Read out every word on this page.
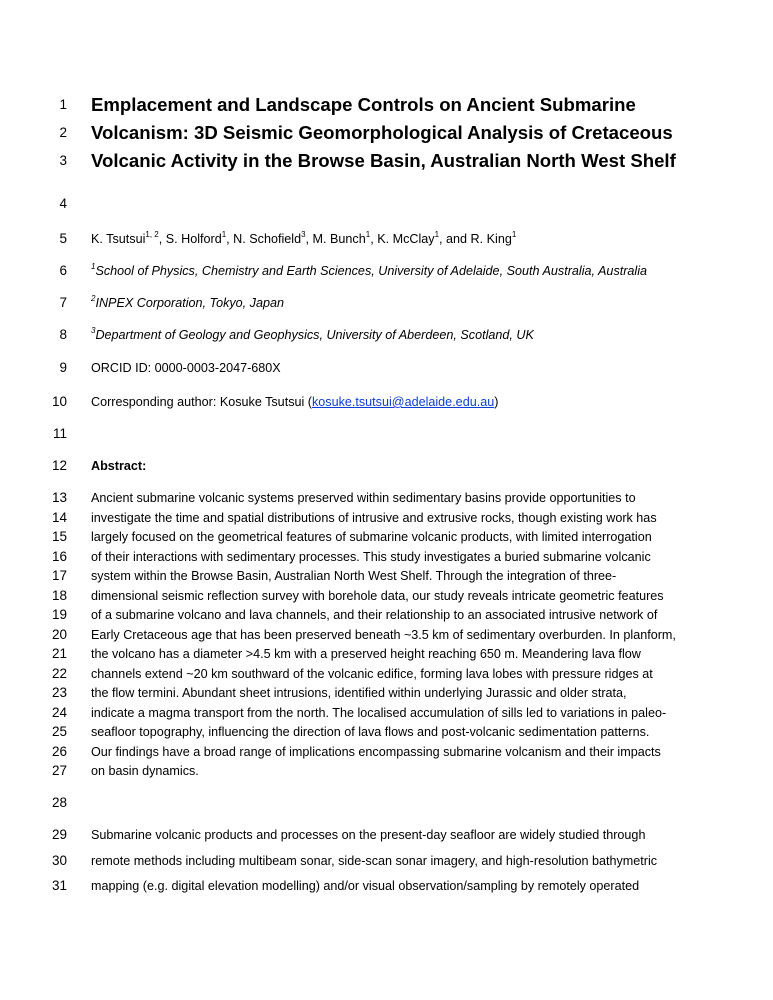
1 Emplacement and Landscape Controls on Ancient Submarine
2 Volcanism: 3D Seismic Geomorphological Analysis of Cretaceous
3 Volcanic Activity in the Browse Basin, Australian North West Shelf
4
5 K. Tsutsui$^{1, 2}$, S. Holford$^1$, N. Schofield$^3$, M. Bunch$^1$, K. McClay$^1$, and R. King$^1$
6	$^1$School of Physics, Chemistry and Earth Sciences, University of Adelaide, South Australia, Australia
7	$^2$INPEX Corporation, Tokyo, Japan
8	$^3$Department of Geology and Geophysics, University of Aberdeen, Scotland, UK
9 ORCID ID: 0000-0003-2047-680X
10 Corresponding author: Kosuke Tsutsui (kosuke.tsutsui@adelaide.edu.au)
11
12 Abstract:
13 Ancient submarine volcanic systems preserved within sedimentary basins provide opportunities to
14 investigate the time and spatial distributions of intrusive and extrusive rocks, though existing work has
15 largely focused on the geometrical features of submarine volcanic products, with limited interrogation
16 of their interactions with sedimentary processes. This study investigates a buried submarine volcanic
17 system within the Browse Basin, Australian North West Shelf. Through the integration of three-
18 dimensional seismic reflection survey with borehole data, our study reveals intricate geometric features
19 of a submarine volcano and lava channels, and their relationship to an associated intrusive network of
20 Early Cretaceous age that has been preserved beneath ~3.5 km of sedimentary overburden. In planform,
21 the volcano has a diameter >4.5 km with a preserved height reaching 650 m. Meandering lava flow
22 channels extend ~20 km southward of the volcanic edifice, forming lava lobes with pressure ridges at
23 the flow termini. Abundant sheet intrusions, identified within underlying Jurassic and older strata,
24 indicate a magma transport from the north. The localised accumulation of sills led to variations in paleo-
25 seafloor topography, influencing the direction of lava flows and post-volcanic sedimentation patterns.
26 Our findings have a broad range of implications encompassing submarine volcanism and their impacts
27 on basin dynamics.
28
29 Submarine volcanic products and processes on the present-day seafloor are widely studied through
30 remote methods including multibeam sonar, side-scan sonar imagery, and high-resolution bathymetric
31 mapping (e.g. digital elevation modelling) and/or visual observation/sampling by remotely operated
